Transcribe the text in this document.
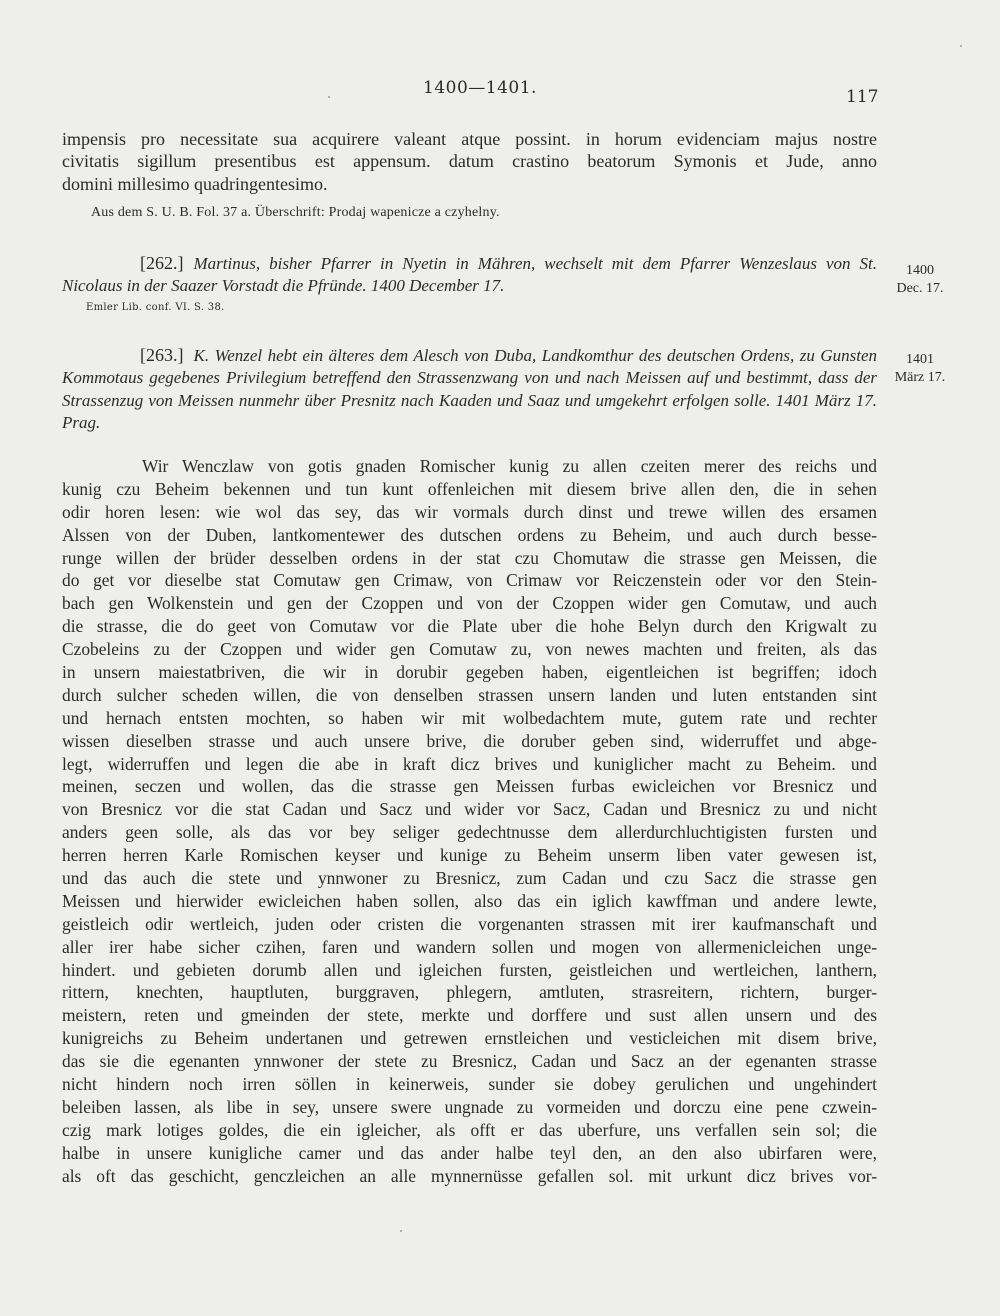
1400—1401.	117
impensis pro necessitate sua acquirere valeant atque possint. in horum evidenciam majus nostre
civitatis sigillum presentibus est appensum. datum crastino beatorum Symonis et Jude, anno
domini millesimo quadringentesimo.
Aus dem S. U. B. Fol. 37 a. Überschrift: Prodaj wapenicze a czyhelny.
[262.] Martinus, bisher Pfarrer in Nyetin in Mähren, wechselt mit dem Pfarrer Wenzeslaus von St. Nicolaus in der Saazer Vorstadt die Pfründe. 1400 December 17.
Emler Lib. conf. VI. S. 38.
1400
Dec. 17.
[263.] K. Wenzel hebt ein älteres dem Alesch von Duba, Landkomthur des deutschen Ordens, zu Gunsten Kommotaus gegebenes Privilegium betreffend den Strassenzwang von und nach Meissen auf und bestimmt, dass der Strassenzug von Meissen nunmehr über Presnitz nach Kaaden und Saaz und umgekehrt erfolgen solle. 1401 März 17. Prag.
1401
März 17.
Wir Wenczlaw von gotis gnaden Romischer kunig zu allen czeiten merer des reichs und
kunig czu Beheim bekennen und tun kunt offenleichen mit diesem brive allen den, die in sehen
odir horen lesen: wie wol das sey, das wir vormals durch dinst und trewe willen des ersamen
Alssen von der Duben, lantkomentewer des dutschen ordens zu Beheim, und auch durch besse-
runge willen der brüder desselben ordens in der stat czu Chomutaw die strasse gen Meissen, die
do get vor dieselbe stat Comutaw gen Crimaw, von Crimaw vor Reiczenstein oder vor den Stein-
bach gen Wolkenstein und gen der Czoppen und von der Czoppen wider gen Comutaw, und auch
die strasse, die do geet von Comutaw vor die Plate uber die hohe Belyn durch den Krigwalt zu
Czobeleins zu der Czoppen und wider gen Comutaw zu, von newes machten und freiten, als das
in unsern maiestatbriven, die wir in dorubir gegeben haben, eigentleichen ist begriffen; idoch
durch sulcher scheden willen, die von denselben strassen unsern landen und luten entstanden sint
und hernach entsten mochten, so haben wir mit wolbedachtem mute, gutem rate und rechter
wissen dieselben strasse und auch unsere brive, die doruber geben sind, widerruffet und abge-
legt, widerruffen und legen die abe in kraft dicz brives und kuniglicher macht zu Beheim. und
meinen, seczen und wollen, das die strasse gen Meissen furbas ewicleichen vor Bresnicz und
von Bresnicz vor die stat Cadan und Sacz und wider vor Sacz, Cadan und Bresnicz zu und nicht
anders geen solle, als das vor bey seliger gedechtnusse dem allerdurchluchtigisten fursten und
herren herren Karle Romischen keyser und kunige zu Beheim unserm liben vater gewesen ist,
und das auch die stete und ynnwoner zu Bresnicz, zum Cadan und czu Sacz die strasse gen
Meissen und hierwider ewicleichen haben sollen, also das ein iglich kawffman und andere lewte,
geistleich odir wertleich, juden oder cristen die vorgenanten strassen mit irer kaufmanschaft und
aller irer habe sicher czihen, faren und wandern sollen und mogen von allermenicleichen unge-
hindert. und gebieten dorumb allen und igleichen fursten, geistleichen und wertleichen, lanthern,
rittern, knechten, hauptluten, burggraven, phlegern, amtluten, strasreitern, richtern, burger-
meistern, reten und gmeinden der stete, merkte und dorffere und sust allen unsern und des
kunigreichs zu Beheim undertanen und getrewen ernstleichen und vesticleichen mit disem brive,
das sie die egenanten ynnwoner der stete zu Bresnicz, Cadan und Sacz an der egenanten strasse
nicht hindern noch irren söllen in keinerweis, sunder sie dobey gerulichen und ungehindert
beleiben lassen, als libe in sey, unsere swere ungnade zu vormeiden und dorczu eine pene czwein-
czig mark lotiges goldes, die ein igleicher, als offt er das uberfure, uns verfallen sein sol; die
halbe in unsere kunigliche camer und das ander halbe teyl den, an den also ubirfaren were,
als oft das geschicht, genczleichen an alle mynnernüsse gefallen sol. mit urkunt dicz brives vor-
